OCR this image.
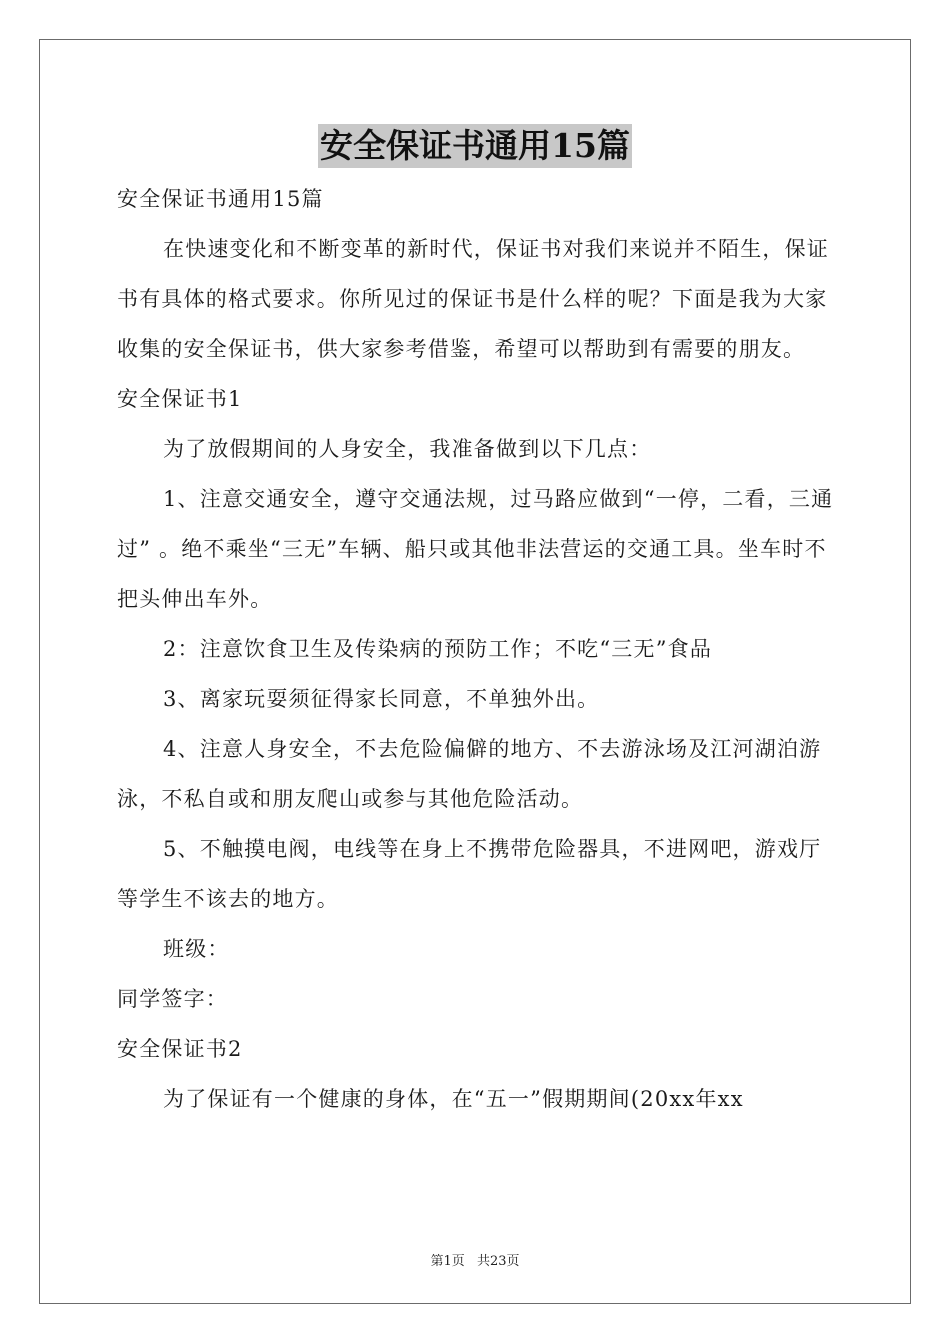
安全保证书通用15篇

安全保证书通用15篇

在快速变化和不断变革的新时代，保证书对我们来说并不陌生，保证书有具体的格式要求。你所见过的保证书是什么样的呢？下面是我为大家收集的安全保证书，供大家参考借鉴，希望可以帮助到有需要的朋友。

安全保证书1

为了放假期间的人身安全，我准备做到以下几点：

1、注意交通安全，遵守交通法规，过马路应做到“一停，二看，三通过” 。绝不乘坐“三无”车辆、船只或其他非法营运的交通工具。坐车时不把头伸出车外。

2：注意饮食卫生及传染病的预防工作；不吃“三无”食品

3、离家玩耍须征得家长同意，不单独外出。

4、注意人身安全，不去危险偏僻的地方、不去游泳场及江河湖泊游泳，不私自或和朋友爬山或参与其他危险活动。

5、不触摸电阀，电线等在身上不携带危险器具，不进网吧，游戏厅等学生不该去的地方。

班级：

同学签字：

安全保证书2

为了保证有一个健康的身体，在“五一”假期期间(20xx年xx

第1页 共23页
